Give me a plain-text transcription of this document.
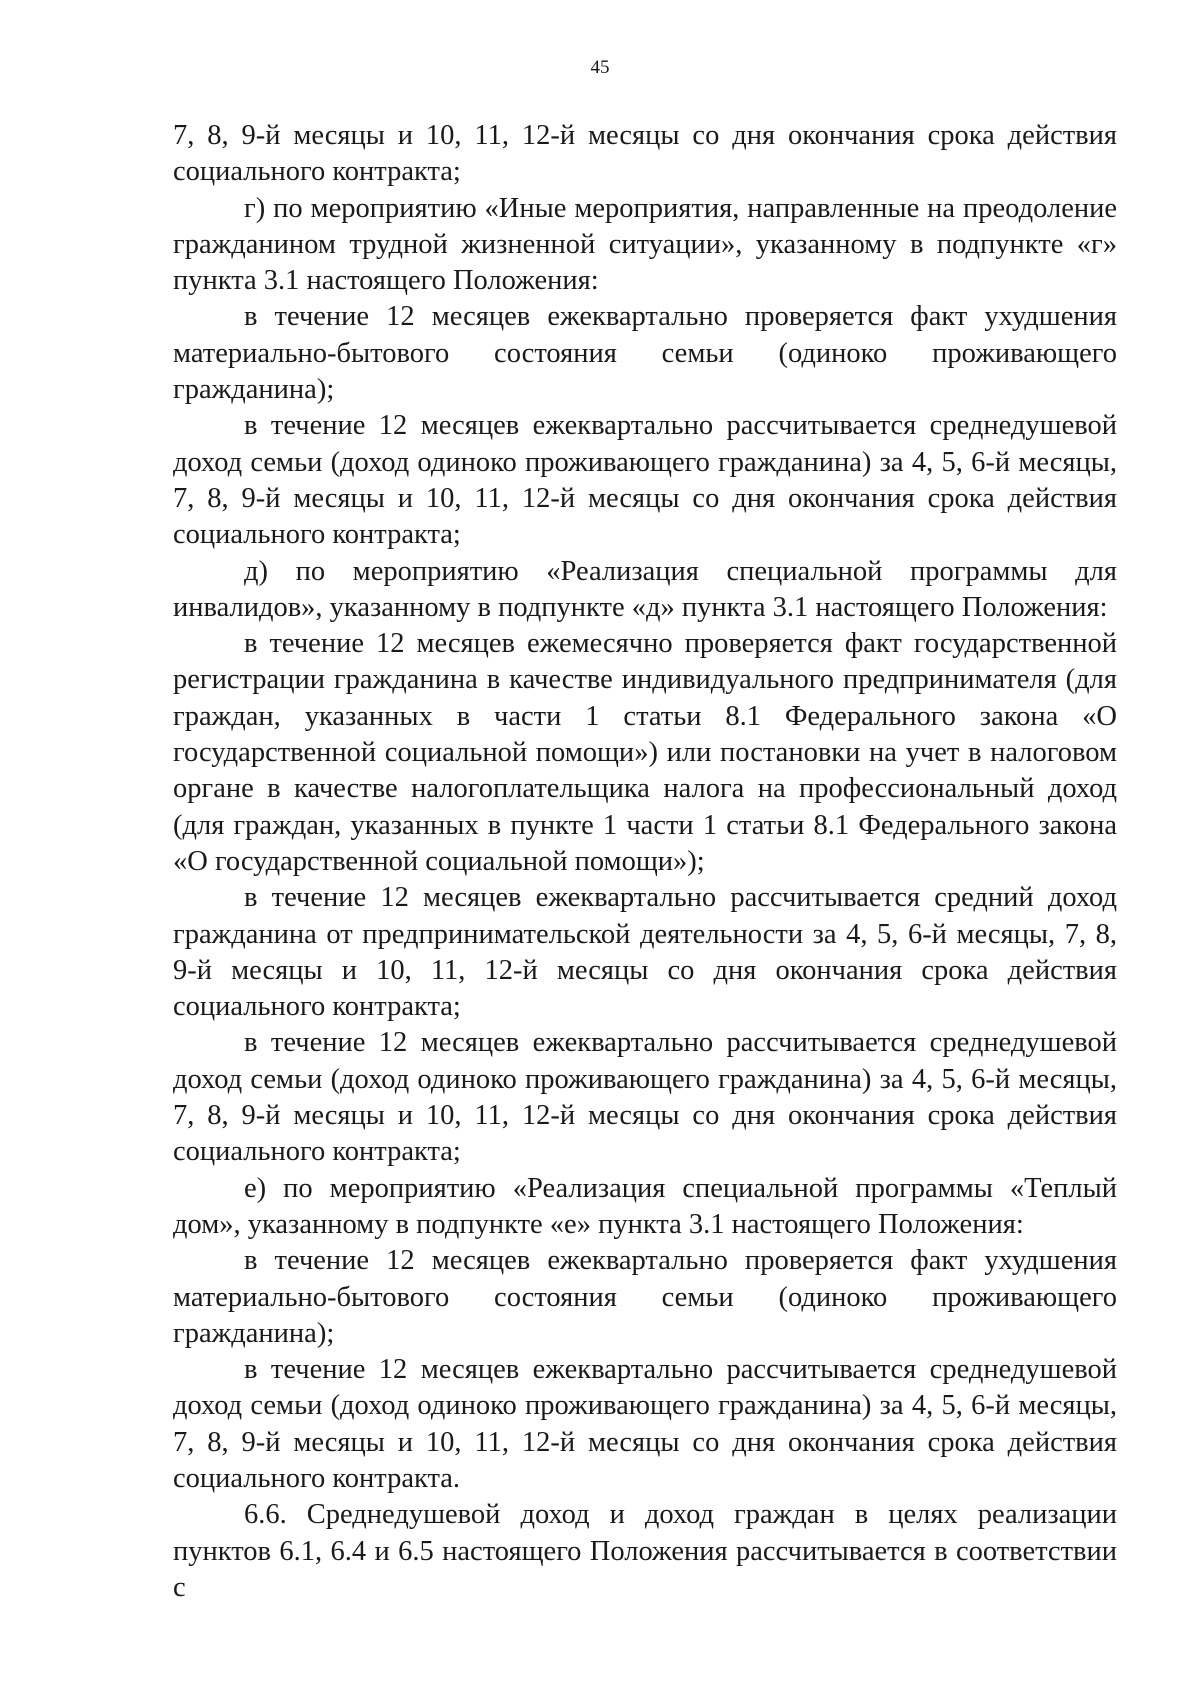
45

7, 8, 9-й месяцы и 10, 11, 12-й месяцы со дня окончания срока действия социального контракта;

г) по мероприятию «Иные мероприятия, направленные на преодоление гражданином трудной жизненной ситуации», указанному в подпункте «г» пункта 3.1 настоящего Положения:

в течение 12 месяцев ежеквартально проверяется факт ухудшения материально-бытового состояния семьи (одиноко проживающего гражданина);

в течение 12 месяцев ежеквартально рассчитывается среднедушевой доход семьи (доход одиноко проживающего гражданина) за 4, 5, 6-й месяцы, 7, 8, 9-й месяцы и 10, 11, 12-й месяцы со дня окончания срока действия социального контракта;

д) по мероприятию «Реализация специальной программы для инвалидов», указанному в подпункте «д» пункта 3.1 настоящего Положения:

в течение 12 месяцев ежемесячно проверяется факт государственной регистрации гражданина в качестве индивидуального предпринимателя (для граждан, указанных в части 1 статьи 8.1 Федерального закона «О государственной социальной помощи») или постановки на учет в налоговом органе в качестве налогоплательщика налога на профессиональный доход (для граждан, указанных в пункте 1 части 1 статьи 8.1 Федерального закона «О государственной социальной помощи»);

в течение 12 месяцев ежеквартально рассчитывается средний доход гражданина от предпринимательской деятельности за 4, 5, 6-й месяцы, 7, 8, 9-й месяцы и 10, 11, 12-й месяцы со дня окончания срока действия социального контракта;

в течение 12 месяцев ежеквартально рассчитывается среднедушевой доход семьи (доход одиноко проживающего гражданина) за 4, 5, 6-й месяцы, 7, 8, 9-й месяцы и 10, 11, 12-й месяцы со дня окончания срока действия социального контракта;

е) по мероприятию «Реализация специальной программы «Теплый дом», указанному в подпункте «е» пункта 3.1 настоящего Положения:

в течение 12 месяцев ежеквартально проверяется факт ухудшения материально-бытового состояния семьи (одиноко проживающего гражданина);

в течение 12 месяцев ежеквартально рассчитывается среднедушевой доход семьи (доход одиноко проживающего гражданина) за 4, 5, 6-й месяцы, 7, 8, 9-й месяцы и 10, 11, 12-й месяцы со дня окончания срока действия социального контракта.

6.6. Среднедушевой доход и доход граждан в целях реализации пунктов 6.1, 6.4 и 6.5 настоящего Положения рассчитывается в соответствии с
